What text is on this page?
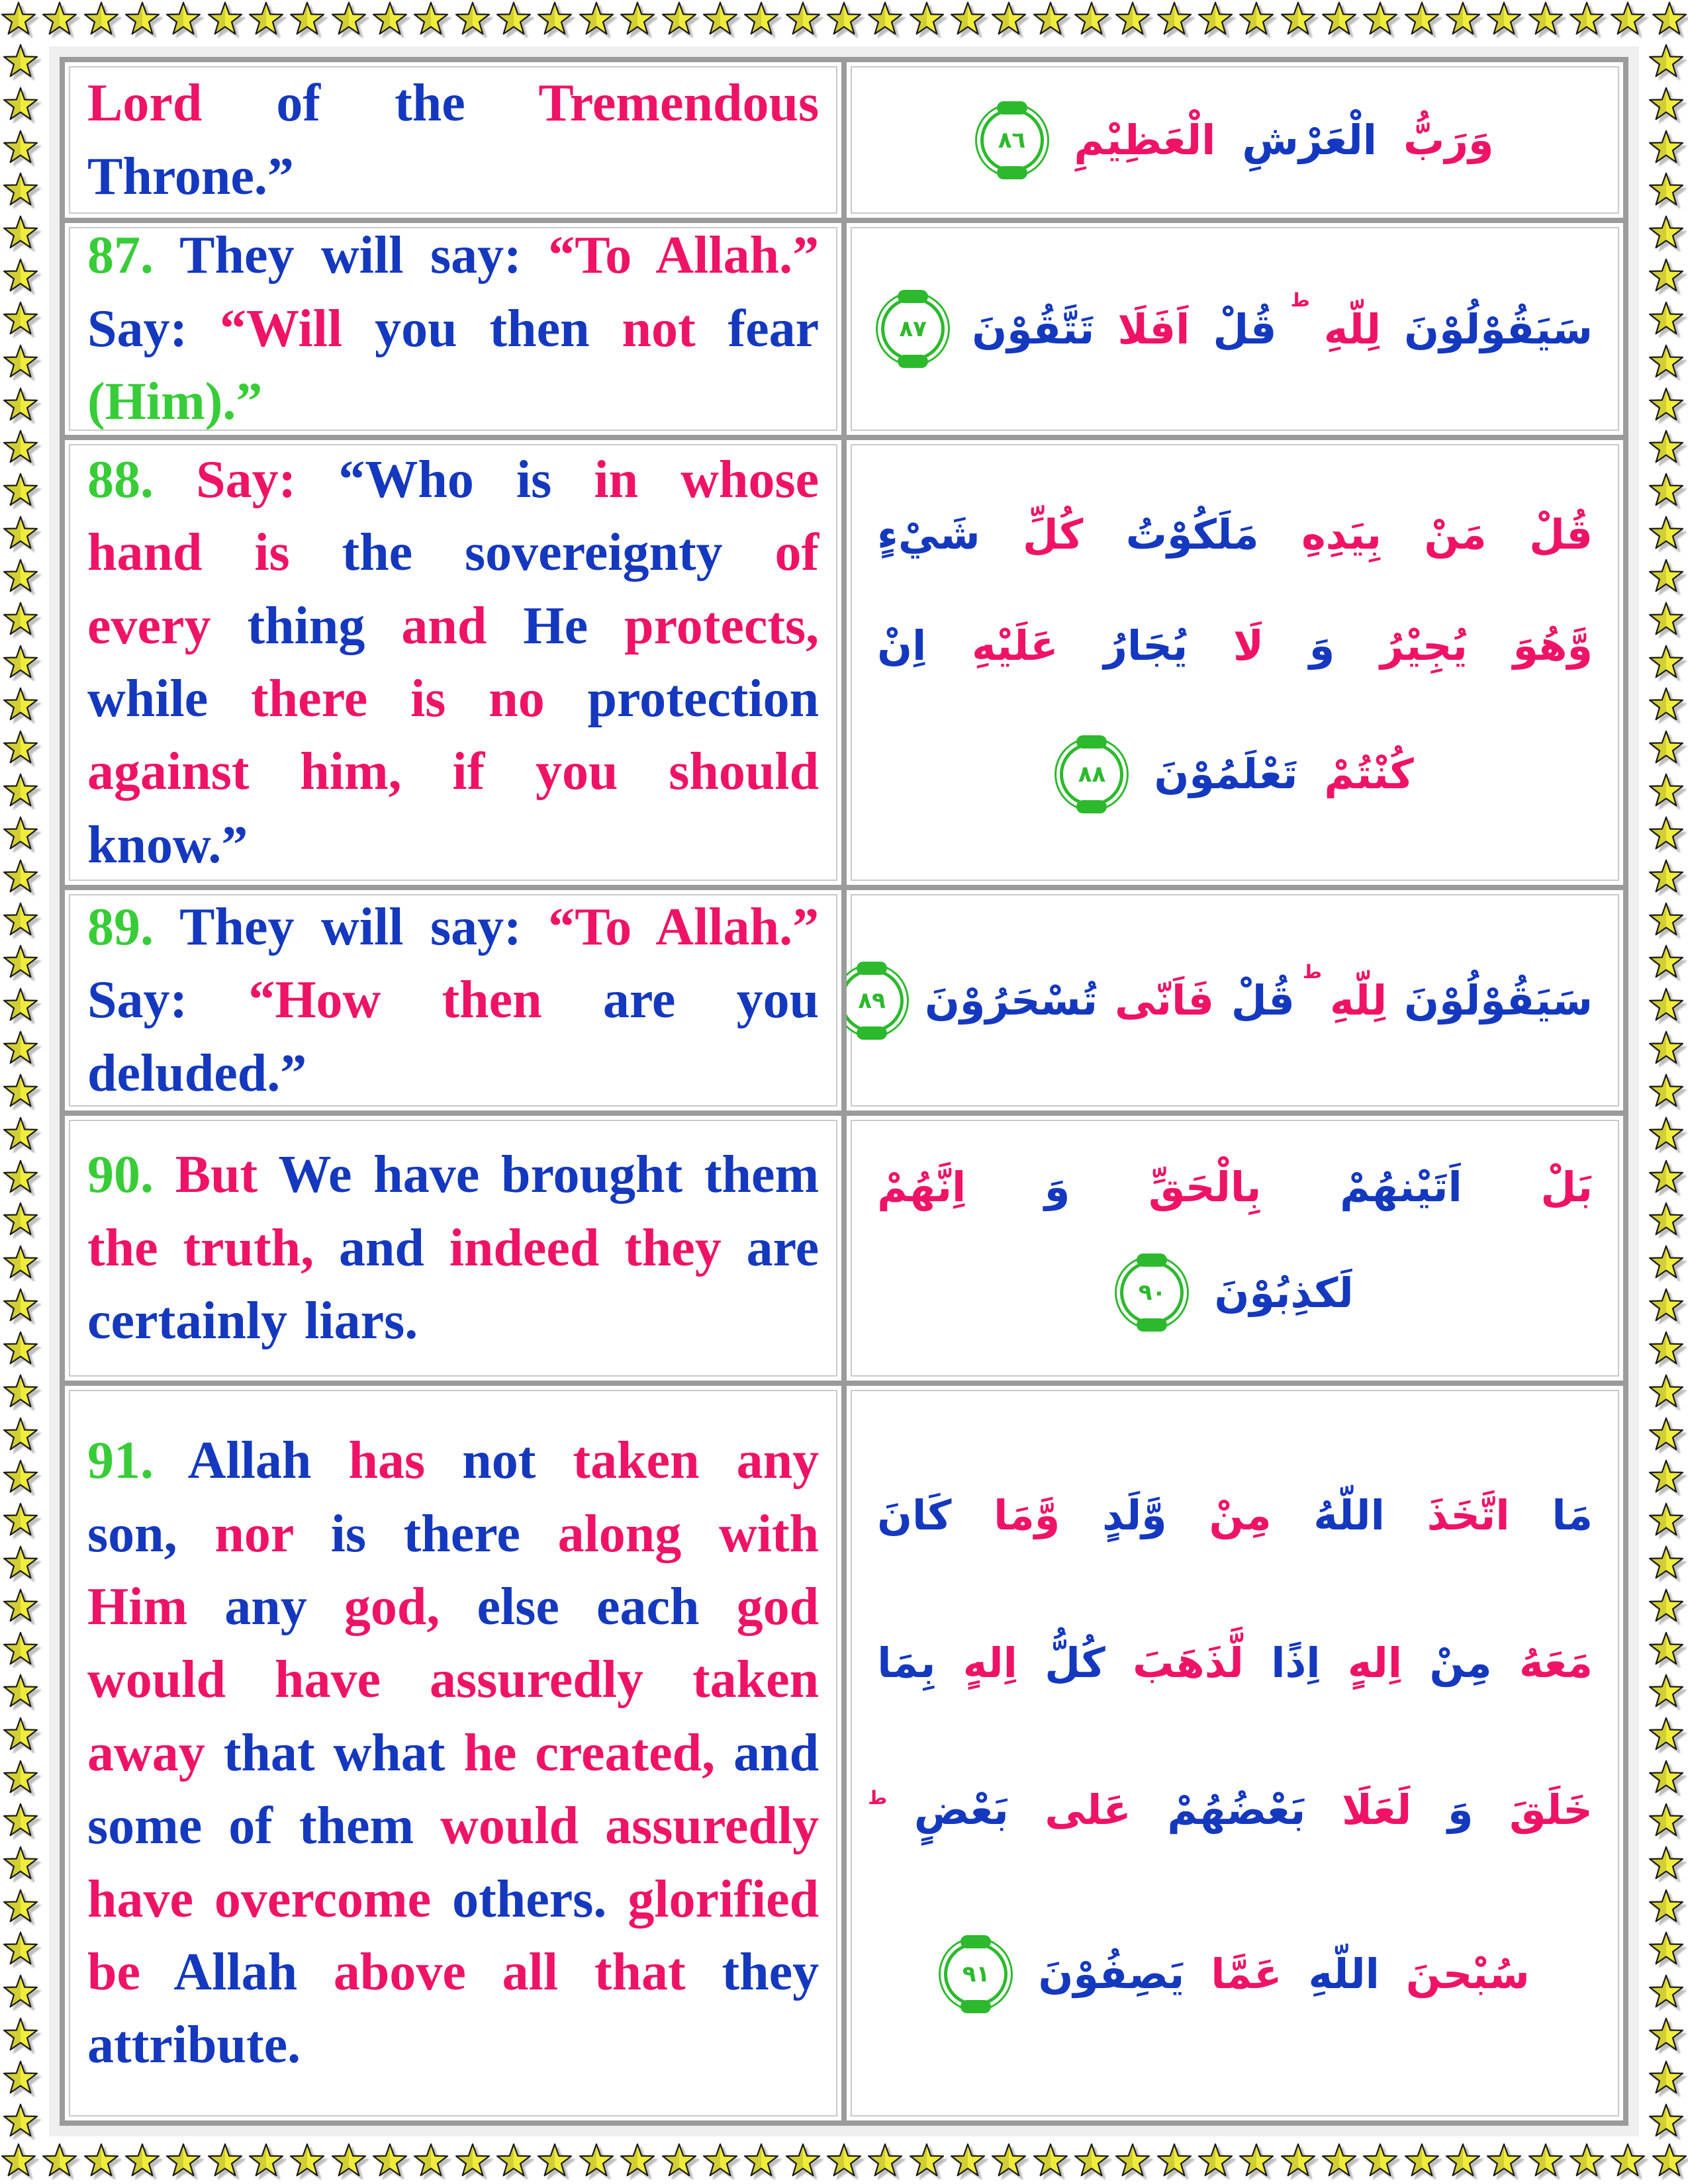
Lord of the Tremendous Throne.”

وَرَبُّ
الْعَرْشِ
الْعَظِيْمِ
٨٦

87. They will say: “To Allah.” Say: “Will you then not fear (Him).”

سَيَقُوْلُوْنَ
لِلّهِ
ط
قُلْ
اَفَلَا
تَتَّقُوْنَ
٨٧

88. Say: “Who is in whose hand is the sovereignty of every thing and He protects, while there is no protection against him, if you should know.”

قُلْ
مَنْ
بِيَدِهِ
مَلَكُوْتُ
كُلِّ
شَيْءٍ
وَّهُوَ
يُجِيْرُ
وَ
لَا
يُجَارُ
عَلَيْهِ
اِنْ
كُنْتُمْ
تَعْلَمُوْنَ
٨٨

89. They will say: “To Allah.” Say: “How then are you deluded.”

سَيَقُوْلُوْنَ
لِلّهِ
ط
قُلْ
فَاَنّى
تُسْحَرُوْنَ
٨٩

90. But We have brought them the truth, and indeed they are certainly liars.

بَلْ
اَتَيْنهُمْ
بِالْحَقِّ
وَ
اِنَّهُمْ
لَكذِبُوْنَ
٩٠

91. Allah has not taken any son, nor is there along with Him any god, else each god would have assuredly taken away that what he created, and some of them would assuredly have overcome others. glorified be Allah above all that they attribute.

مَا
اتَّخَذَ
اللّهُ
مِنْ
وَّلَدٍ
وَّمَا
كَانَ
مَعَهُ
مِنْ
اِلهٍ
اِذًا
لَّذَهَبَ
كُلُّ
اِلهٍ
بِمَا
خَلَقَ
وَ
لَعَلَا
بَعْضُهُمْ
عَلى
بَعْضٍ
ط
سُبْحنَ
اللّهِ
عَمَّا
يَصِفُوْنَ
٩١
